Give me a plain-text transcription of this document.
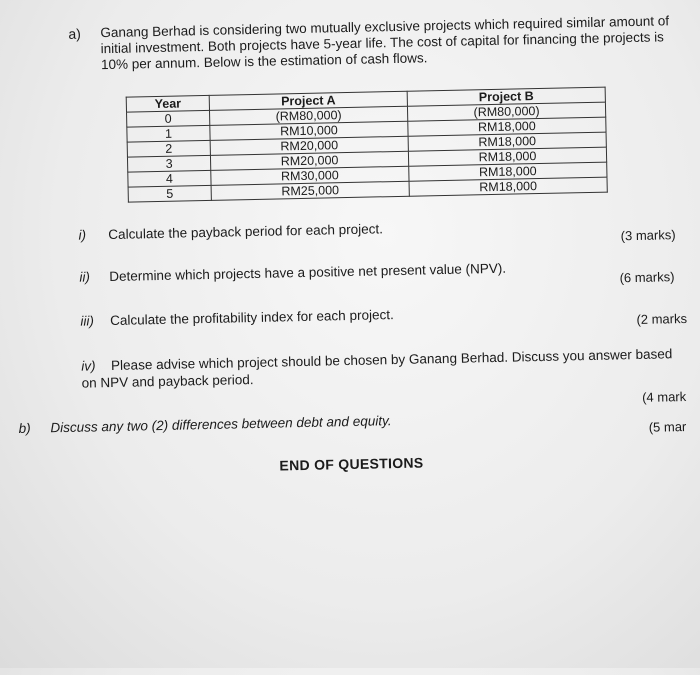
a) Ganang Berhad is considering two mutually exclusive projects which required similar amount of initial investment. Both projects have 5-year life. The cost of capital for financing the projects is 10% per annum. Below is the estimation of cash flows.
Year	Project A	Project B
0	(RM80,000)	(RM80,000)
1	RM10,000	RM18,000
2	RM20,000	RM18,000
3	RM20,000	RM18,000
4	RM30,000	RM18,000
5	RM25,000	RM18,000
i) Calculate the payback period for each project.	(3 marks)
ii) Determine which projects have a positive net present value (NPV).	(6 marks)
iii) Calculate the profitability index for each project.	(2 marks
iv) Please advise which project should be chosen by Ganang Berhad. Discuss you answer based on NPV and payback period.
(4 mark
b) Discuss any two (2) differences between debt and equity.	(5 mar
END OF QUESTIONS
